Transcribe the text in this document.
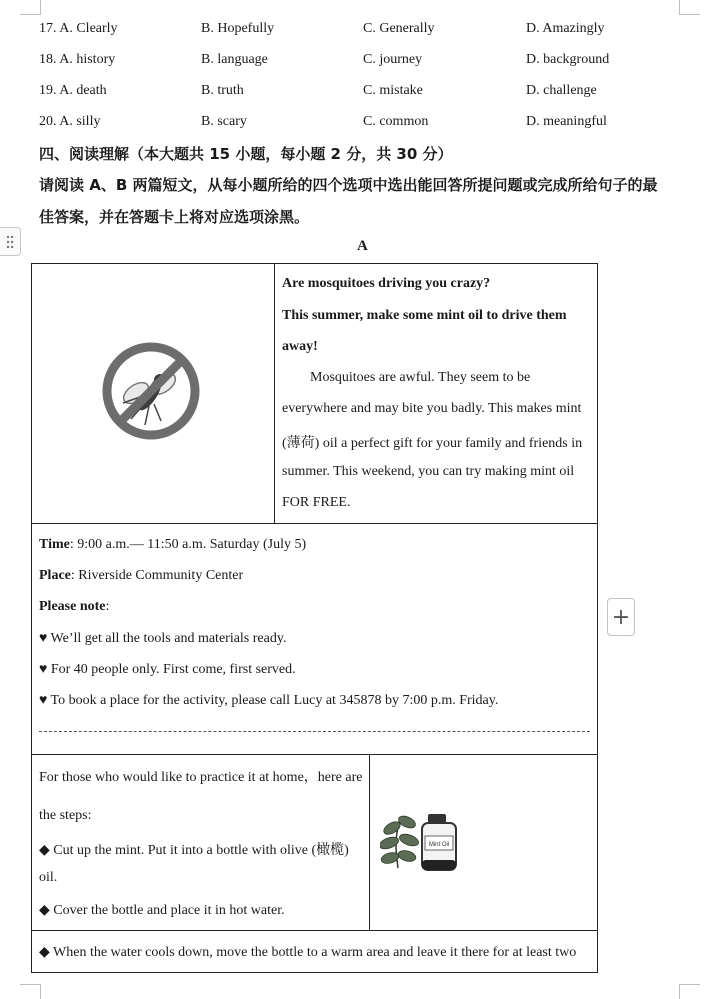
17. A. Clearly	B. Hopefully	C. Generally	D. Amazingly
18. A. history	B. language	C. journey	D. background
19. A. death	B. truth	C. mistake	D. challenge
20. A. silly	B. scary	C. common	D. meaningful
四、阅读理解（本大题共 15 小题，每小题 2 分，共 30 分）
请阅读 A、B 两篇短文，从每小题所给的四个选项中选出能回答所提问题或完成所给句子的最
佳答案，并在答题卡上将对应选项涂黑。
A
Are mosquitoes driving you crazy?
This summer, make some mint oil to drive them
away!
Mosquitoes are awful. They seem to be
everywhere and may bite you badly. This makes mint
(薄荷) oil a perfect gift for your family and friends in
summer. This weekend, you can try making mint oil
FOR FREE.
Time: 9:00 a.m.— 11:50 a.m. Saturday (July 5)
Place: Riverside Community Center
Please note:
♥ We’ll get all the tools and materials ready.
♥ For 40 people only. First come, first served.
♥ To book a place for the activity, please call Lucy at 345878 by 7:00 p.m. Friday.
+
For those who would like to practice it at home，here are
the steps:
◆ Cut up the mint. Put it into a bottle with olive (橄榄)
oil.
◆ Cover the bottle and place it in hot water.
Mint Oil
◆ When the water cools down, move the bottle to a warm area and leave it there for at least two
